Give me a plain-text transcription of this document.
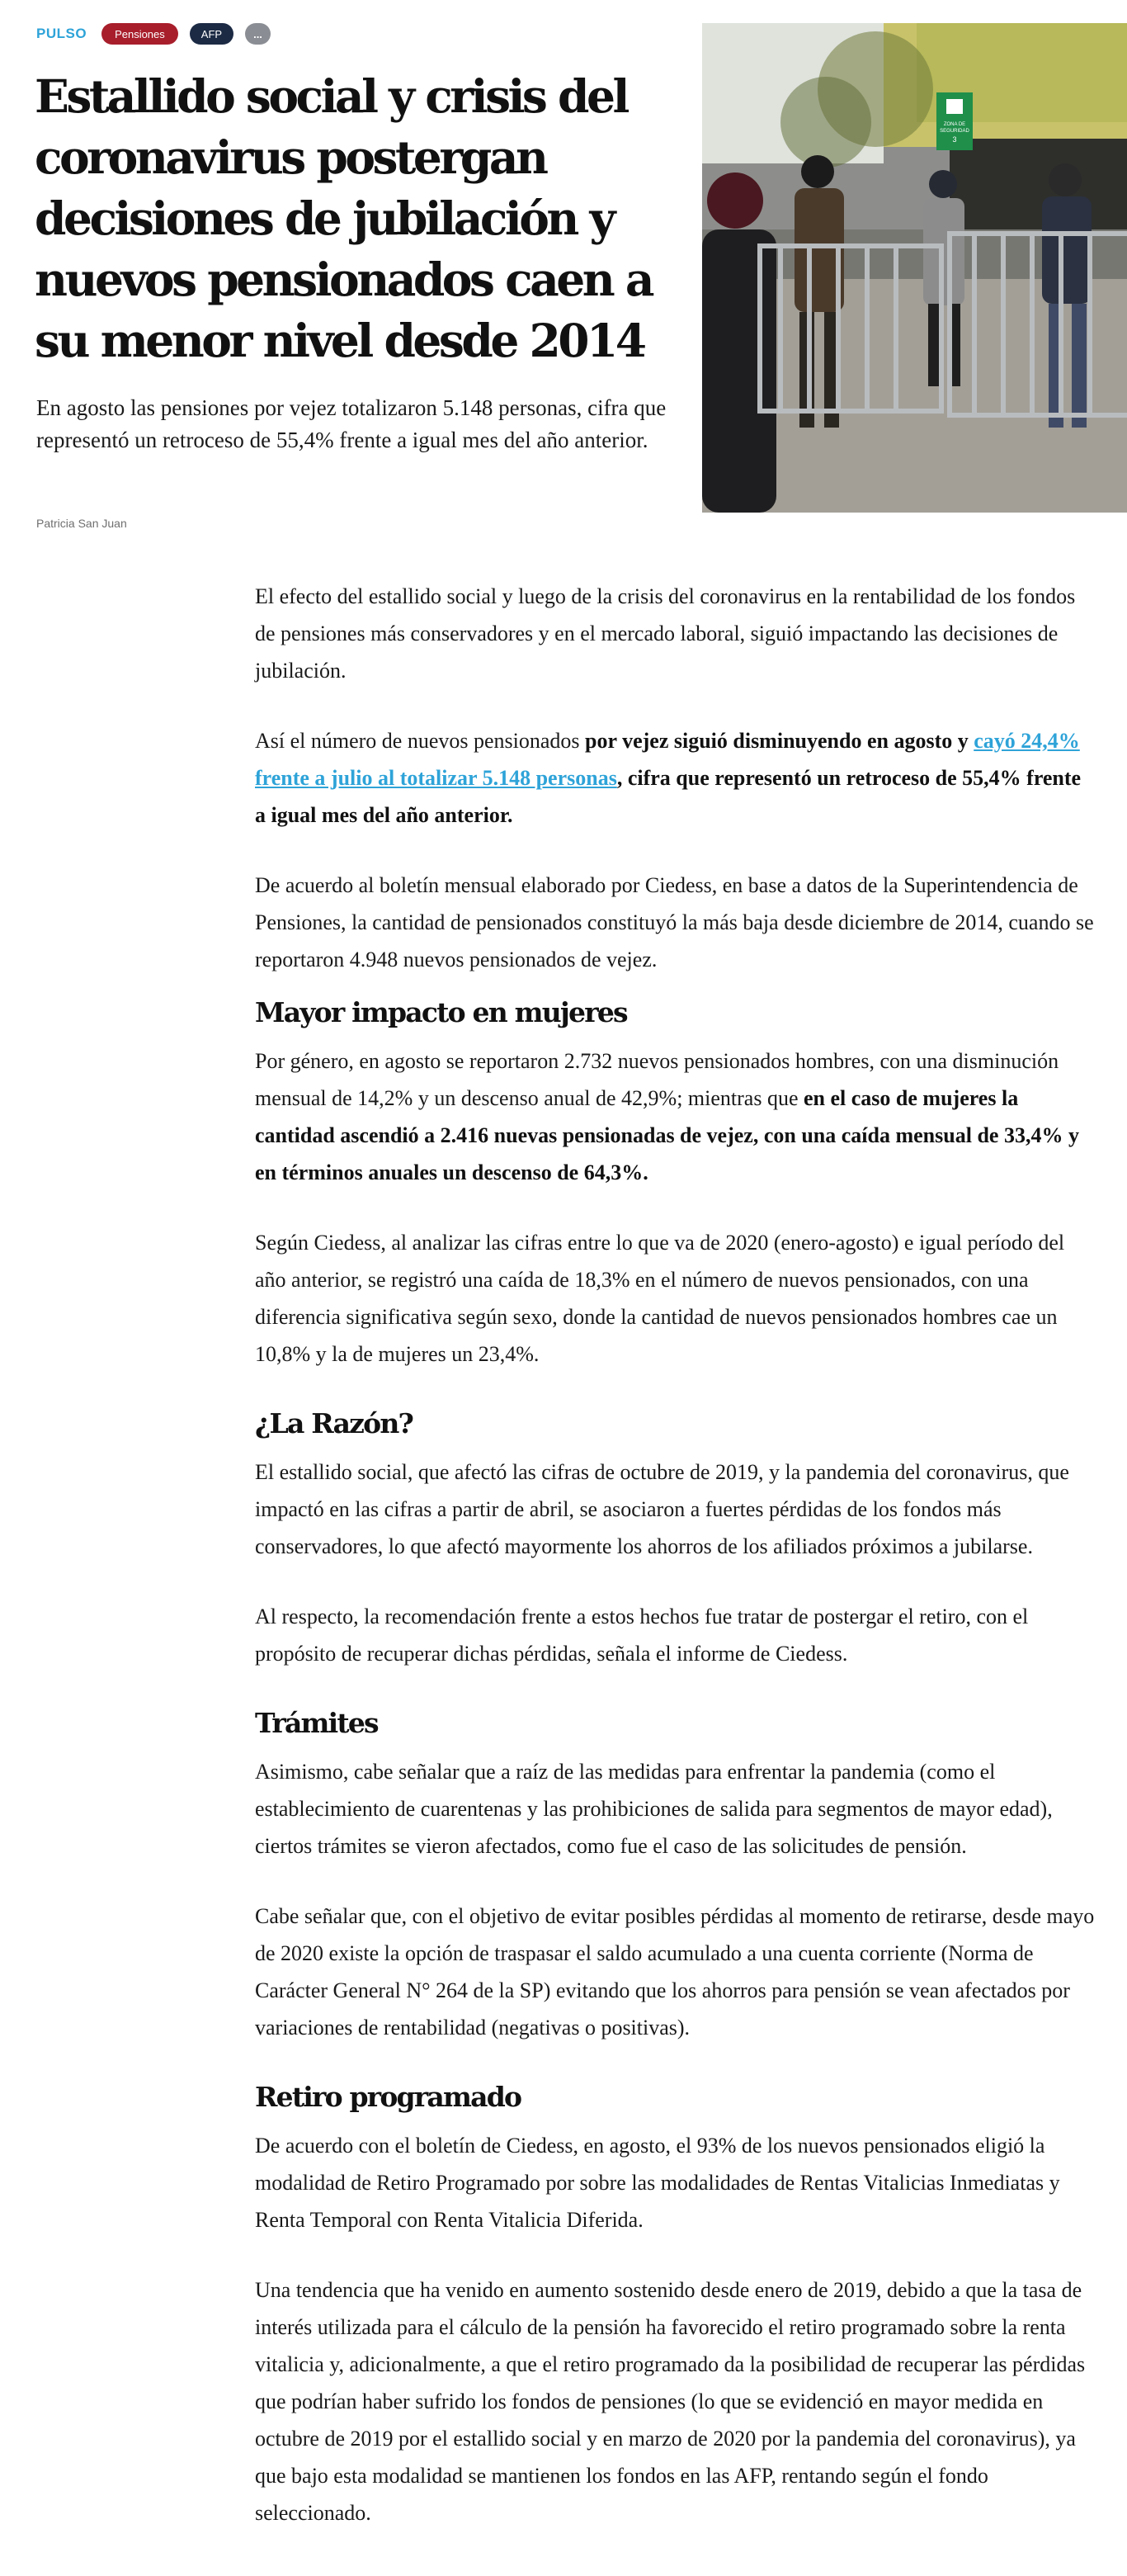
PULSO	Pensiones	AFP	...
Estallido social y crisis del coronavirus postergan decisiones de jubilación y nuevos pensionados caen a su menor nivel desde 2014

En agosto las pensiones por vejez totalizaron 5.148 personas, cifra que representó un retroceso de 55,4% frente a igual mes del año anterior.

Patricia San Juan
ZONA DE
SEGURIDAD
3

El efecto del estallido social y luego de la crisis del coronavirus en la rentabilidad de los fondos de pensiones más conservadores y en el mercado laboral, siguió impactando las decisiones de jubilación.

Así el número de nuevos pensionados por vejez siguió disminuyendo en agosto y cayó 24,4% frente a julio al totalizar 5.148 personas, cifra que representó un retroceso de 55,4% frente a igual mes del año anterior.

De acuerdo al boletín mensual elaborado por Ciedess, en base a datos de la Superintendencia de Pensiones, la cantidad de pensionados constituyó la más baja desde diciembre de 2014, cuando se reportaron 4.948 nuevos pensionados de vejez.

Mayor impacto en mujeres

Por género, en agosto se reportaron 2.732 nuevos pensionados hombres, con una disminución mensual de 14,2% y un descenso anual de 42,9%; mientras que en el caso de mujeres la cantidad ascendió a 2.416 nuevas pensionadas de vejez, con una caída mensual de 33,4% y en términos anuales un descenso de 64,3%.

Según Ciedess, al analizar las cifras entre lo que va de 2020 (enero-agosto) e igual período del año anterior, se registró una caída de 18,3% en el número de nuevos pensionados, con una diferencia significativa según sexo, donde la cantidad de nuevos pensionados hombres cae un 10,8% y la de mujeres un 23,4%.

¿La Razón?

El estallido social, que afectó las cifras de octubre de 2019, y la pandemia del coronavirus, que impactó en las cifras a partir de abril, se asociaron a fuertes pérdidas de los fondos más conservadores, lo que afectó mayormente los ahorros de los afiliados próximos a jubilarse.

Al respecto, la recomendación frente a estos hechos fue tratar de postergar el retiro, con el propósito de recuperar dichas pérdidas, señala el informe de Ciedess.

Trámites

Asimismo, cabe señalar que a raíz de las medidas para enfrentar la pandemia (como el establecimiento de cuarentenas y las prohibiciones de salida para segmentos de mayor edad), ciertos trámites se vieron afectados, como fue el caso de las solicitudes de pensión.

Cabe señalar que, con el objetivo de evitar posibles pérdidas al momento de retirarse, desde mayo de 2020 existe la opción de traspasar el saldo acumulado a una cuenta corriente (Norma de Carácter General N° 264 de la SP) evitando que los ahorros para pensión se vean afectados por variaciones de rentabilidad (negativas o positivas).

Retiro programado

De acuerdo con el boletín de Ciedess, en agosto, el 93% de los nuevos pensionados eligió la modalidad de Retiro Programado por sobre las modalidades de Rentas Vitalicias Inmediatas y Renta Temporal con Renta Vitalicia Diferida.

Una tendencia que ha venido en aumento sostenido desde enero de 2019, debido a que la tasa de interés utilizada para el cálculo de la pensión ha favorecido el retiro programado sobre la renta vitalicia y, adicionalmente, a que el retiro programado da la posibilidad de recuperar las pérdidas que podrían haber sufrido los fondos de pensiones (lo que se evidenció en mayor medida en octubre de 2019 por el estallido social y en marzo de 2020 por la pandemia del coronavirus), ya que bajo esta modalidad se mantienen los fondos en las AFP, rentando según el fondo seleccionado.
